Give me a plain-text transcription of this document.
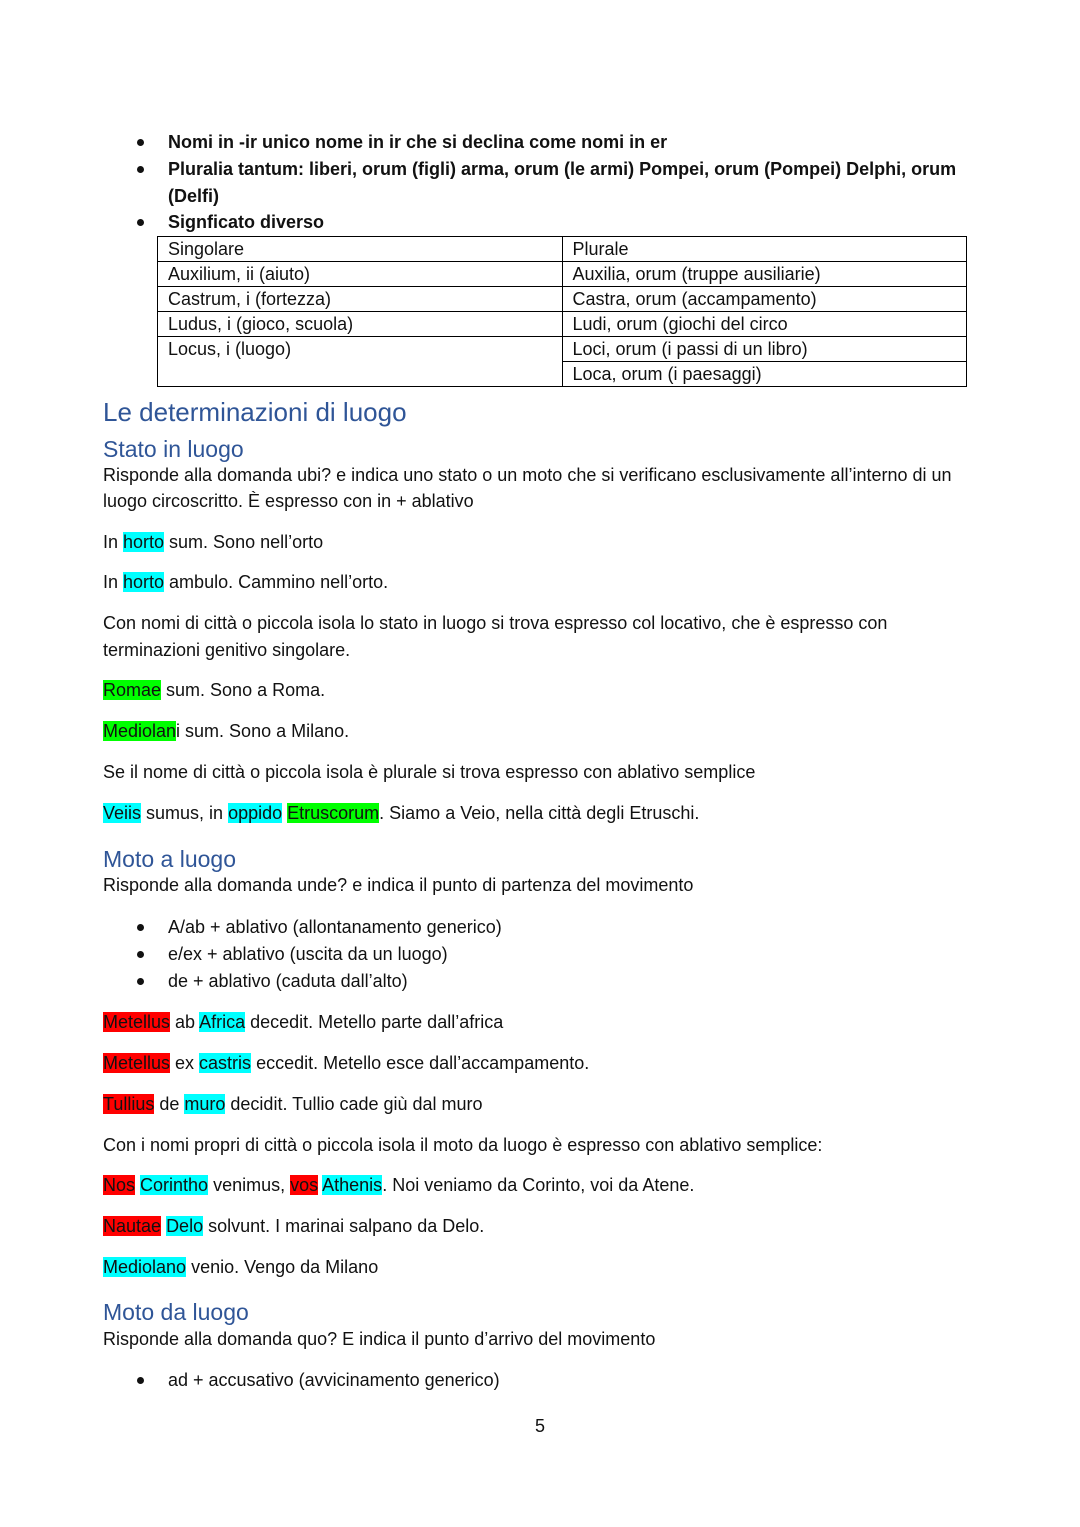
Nomi in -ir unico nome in ir che si declina come nomi in er
Pluralia tantum: liberi, orum (figli) arma, orum (le armi) Pompei, orum (Pompei) Delphi, orum
(Delfi)
Signficato diverso
Singolare	Plurale
Auxilium, ii (aiuto)	Auxilia, orum (truppe ausiliarie)
Castrum, i (fortezza)	Castra, orum (accampamento)
Ludus, i (gioco, scuola)	Ludi, orum (giochi del circo
Locus, i (luogo)	Loci, orum (i passi di un libro)
	Loca, orum (i paesaggi)
Le determinazioni di luogo
Stato in luogo
Risponde alla domanda ubi? e indica uno stato o un moto che si verificano esclusivamente all’interno di un
luogo circoscritto. È espresso con in + ablativo
In horto sum. Sono nell’orto
In horto ambulo. Cammino nell’orto.
Con nomi di città o piccola isola lo stato in luogo si trova espresso col locativo, che è espresso con
terminazioni genitivo singolare.
Romae sum. Sono a Roma.
Mediolani sum. Sono a Milano.
Se il nome di città o piccola isola è plurale si trova espresso con ablativo semplice
Veiis sumus, in oppido Etruscorum. Siamo a Veio, nella città degli Etruschi.
Moto a luogo
Risponde alla domanda unde? e indica il punto di partenza del movimento
A/ab + ablativo (allontanamento generico)
e/ex + ablativo (uscita da un luogo)
de + ablativo (caduta dall’alto)
Metellus ab Africa decedit. Metello parte dall’africa
Metellus ex castris eccedit. Metello esce dall’accampamento.
Tullius de muro decidit. Tullio cade giù dal muro
Con i nomi propri di città o piccola isola il moto da luogo è espresso con ablativo semplice:
Nos Corintho venimus, vos Athenis. Noi veniamo da Corinto, voi da Atene.
Nautae Delo solvunt. I marinai salpano da Delo.
Mediolano venio. Vengo da Milano
Moto da luogo
Risponde alla domanda quo? E indica il punto d’arrivo del movimento
ad + accusativo (avvicinamento generico)
5
